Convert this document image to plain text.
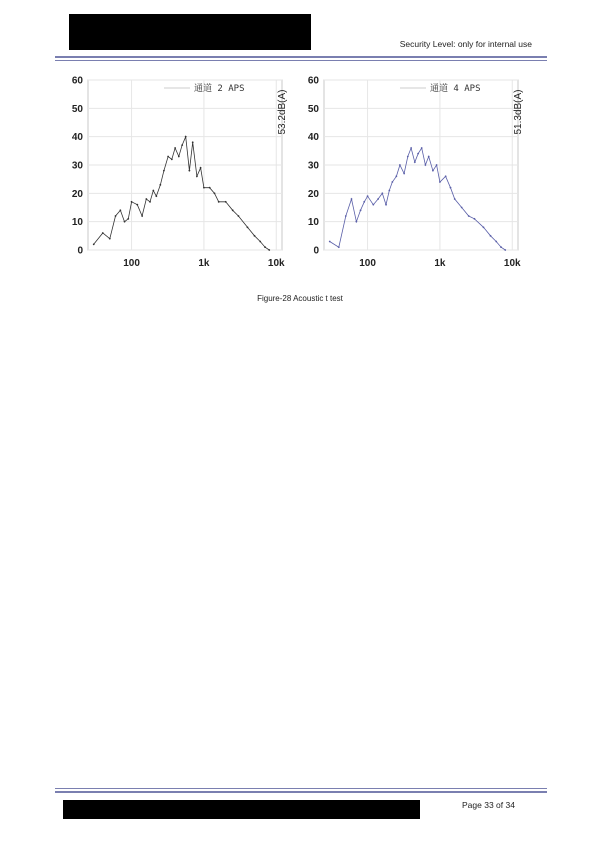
Security Level: only for internal use
0
10
20
30
40
50
60
100	1k	10k
通道 2 APS
53.2dB(A)
0
10
20
30
40
50
60
100	1k	10k
通道 4 APS
51.3dB(A)
Figure-28 Acoustic t test
Page 33 of 34
